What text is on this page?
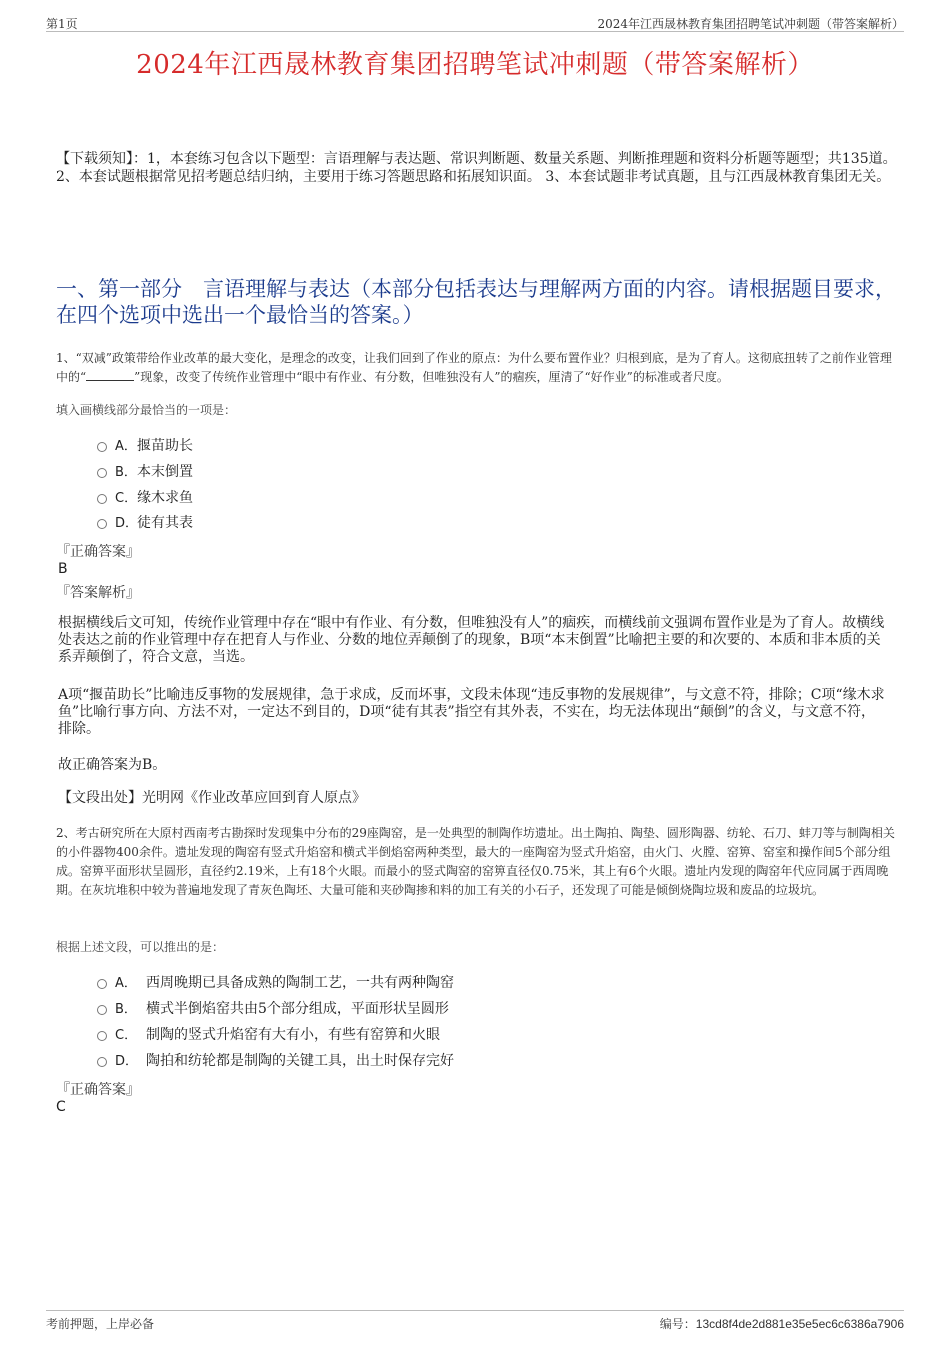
第1页	2024年江西晟林教育集团招聘笔试冲刺题（带答案解析）
2024年江西晟林教育集团招聘笔试冲刺题（带答案解析）
【下载须知】：1，本套练习包含以下题型：言语理解与表达题、常识判断题、数量关系题、判断推理题和资料分析题等题型；共135道。 2、本套试题根据常见招考题总结归纳，主要用于练习答题思路和拓展知识面。 3、本套试题非考试真题，且与江西晟林教育集团无关。
一、第一部分　言语理解与表达（本部分包括表达与理解两方面的内容。请根据题目要求，在四个选项中选出一个最恰当的答案。）
1、“双减”政策带给作业改革的最大变化，是理念的改变，让我们回到了作业的原点：为什么要布置作业？归根到底，是为了育人。这彻底扭转了之前作业管理中的“	”现象，改变了传统作业管理中“眼中有作业、有分数，但唯独没有人”的痼疾，厘清了“好作业”的标准或者尺度。
填入画横线部分最恰当的一项是：
A．揠苗助长
B．本末倒置
C．缘木求鱼
D．徒有其表
『正确答案』
B
『答案解析』
根据横线后文可知，传统作业管理中存在“眼中有作业、有分数，但唯独没有人”的痼疾，而横线前文强调布置作业是为了育人。故横线处表达之前的作业管理中存在把育人与作业、分数的地位弄颠倒了的现象，B项“本末倒置”比喻把主要的和次要的、本质和非本质的关系弄颠倒了，符合文意，当选。
A项“揠苗助长”比喻违反事物的发展规律，急于求成，反而坏事，文段未体现“违反事物的发展规律”，与文意不符，排除；C项“缘木求鱼”比喻行事方向、方法不对，一定达不到目的，D项“徒有其表”指空有其外表，不实在，均无法体现出“颠倒”的含义，与文意不符，排除。
故正确答案为B。
【文段出处】光明网《作业改革应回到育人原点》
2、考古研究所在大原村西南考古勘探时发现集中分布的29座陶窑，是一处典型的制陶作坊遗址。出土陶拍、陶垫、圆形陶器、纺轮、石刀、蚌刀等与制陶相关的小件器物400余件。遗址发现的陶窑有竖式升焰窑和横式半倒焰窑两种类型，最大的一座陶窑为竖式升焰窑，由火门、火膛、窑箅、窑室和操作间5个部分组成。窑箅平面形状呈圆形，直径约2.19米，上有18个火眼。而最小的竖式陶窑的窑箅直径仅0.75米，其上有6个火眼。遗址内发现的陶窑年代应同属于西周晚期。在灰坑堆积中较为普遍地发现了青灰色陶坯、大量可能和夹砂陶掺和料的加工有关的小石子，还发现了可能是倾倒烧陶垃圾和废品的垃圾坑。
根据上述文段，可以推出的是：
A． 西周晚期已具备成熟的陶制工艺，一共有两种陶窑
B． 横式半倒焰窑共由5个部分组成，平面形状呈圆形
C． 制陶的竖式升焰窑有大有小，有些有窑箅和火眼
D． 陶拍和纺轮都是制陶的关键工具，出土时保存完好
『正确答案』
C
考前押题，上岸必备	编号：13cd8f4de2d881e35e5ec6c6386a7906
